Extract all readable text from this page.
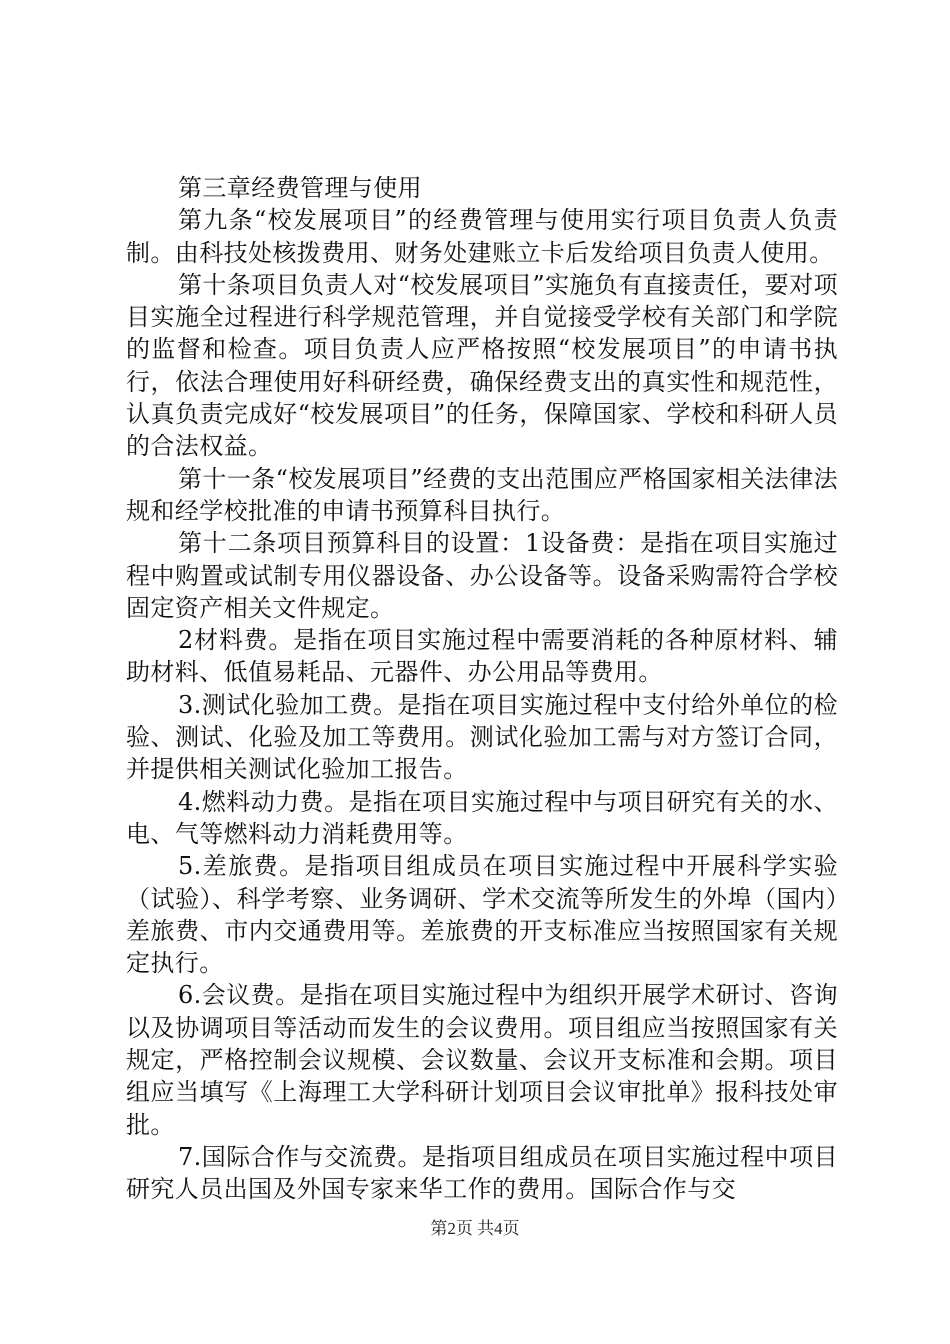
第三章经费管理与使用

第九条“校发展项目”的经费管理与使用实行项目负责人负责制。由科技处核拨费用、财务处建账立卡后发给项目负责人使用。

第十条项目负责人对“校发展项目”实施负有直接责任，要对项目实施全过程进行科学规范管理，并自觉接受学校有关部门和学院的监督和检查。项目负责人应严格按照“校发展项目”的申请书执行，依法合理使用好科研经费，确保经费支出的真实性和规范性，认真负责完成好“校发展项目”的任务，保障国家、学校和科研人员的合法权益。

第十一条“校发展项目”经费的支出范围应严格国家相关法律法规和经学校批准的申请书预算科目执行。

第十二条项目预算科目的设置：1设备费：是指在项目实施过程中购置或试制专用仪器设备、办公设备等。设备采购需符合学校固定资产相关文件规定。

2材料费。是指在项目实施过程中需要消耗的各种原材料、辅助材料、低值易耗品、元器件、办公用品等费用。

3.测试化验加工费。是指在项目实施过程中支付给外单位的检验、测试、化验及加工等费用。测试化验加工需与对方签订合同，并提供相关测试化验加工报告。

4.燃料动力费。是指在项目实施过程中与项目研究有关的水、电、气等燃料动力消耗费用等。

5.差旅费。是指项目组成员在项目实施过程中开展科学实验（试验）、科学考察、业务调研、学术交流等所发生的外埠（国内）差旅费、市内交通费用等。差旅费的开支标准应当按照国家有关规定执行。

6.会议费。是指在项目实施过程中为组织开展学术研讨、咨询以及协调项目等活动而发生的会议费用。项目组应当按照国家有关规定，严格控制会议规模、会议数量、会议开支标准和会期。项目组应当填写《上海理工大学科研计划项目会议审批单》报科技处审批。

7.国际合作与交流费。是指项目组成员在项目实施过程中项目研究人员出国及外国专家来华工作的费用。国际合作与交

第2页 共4页
